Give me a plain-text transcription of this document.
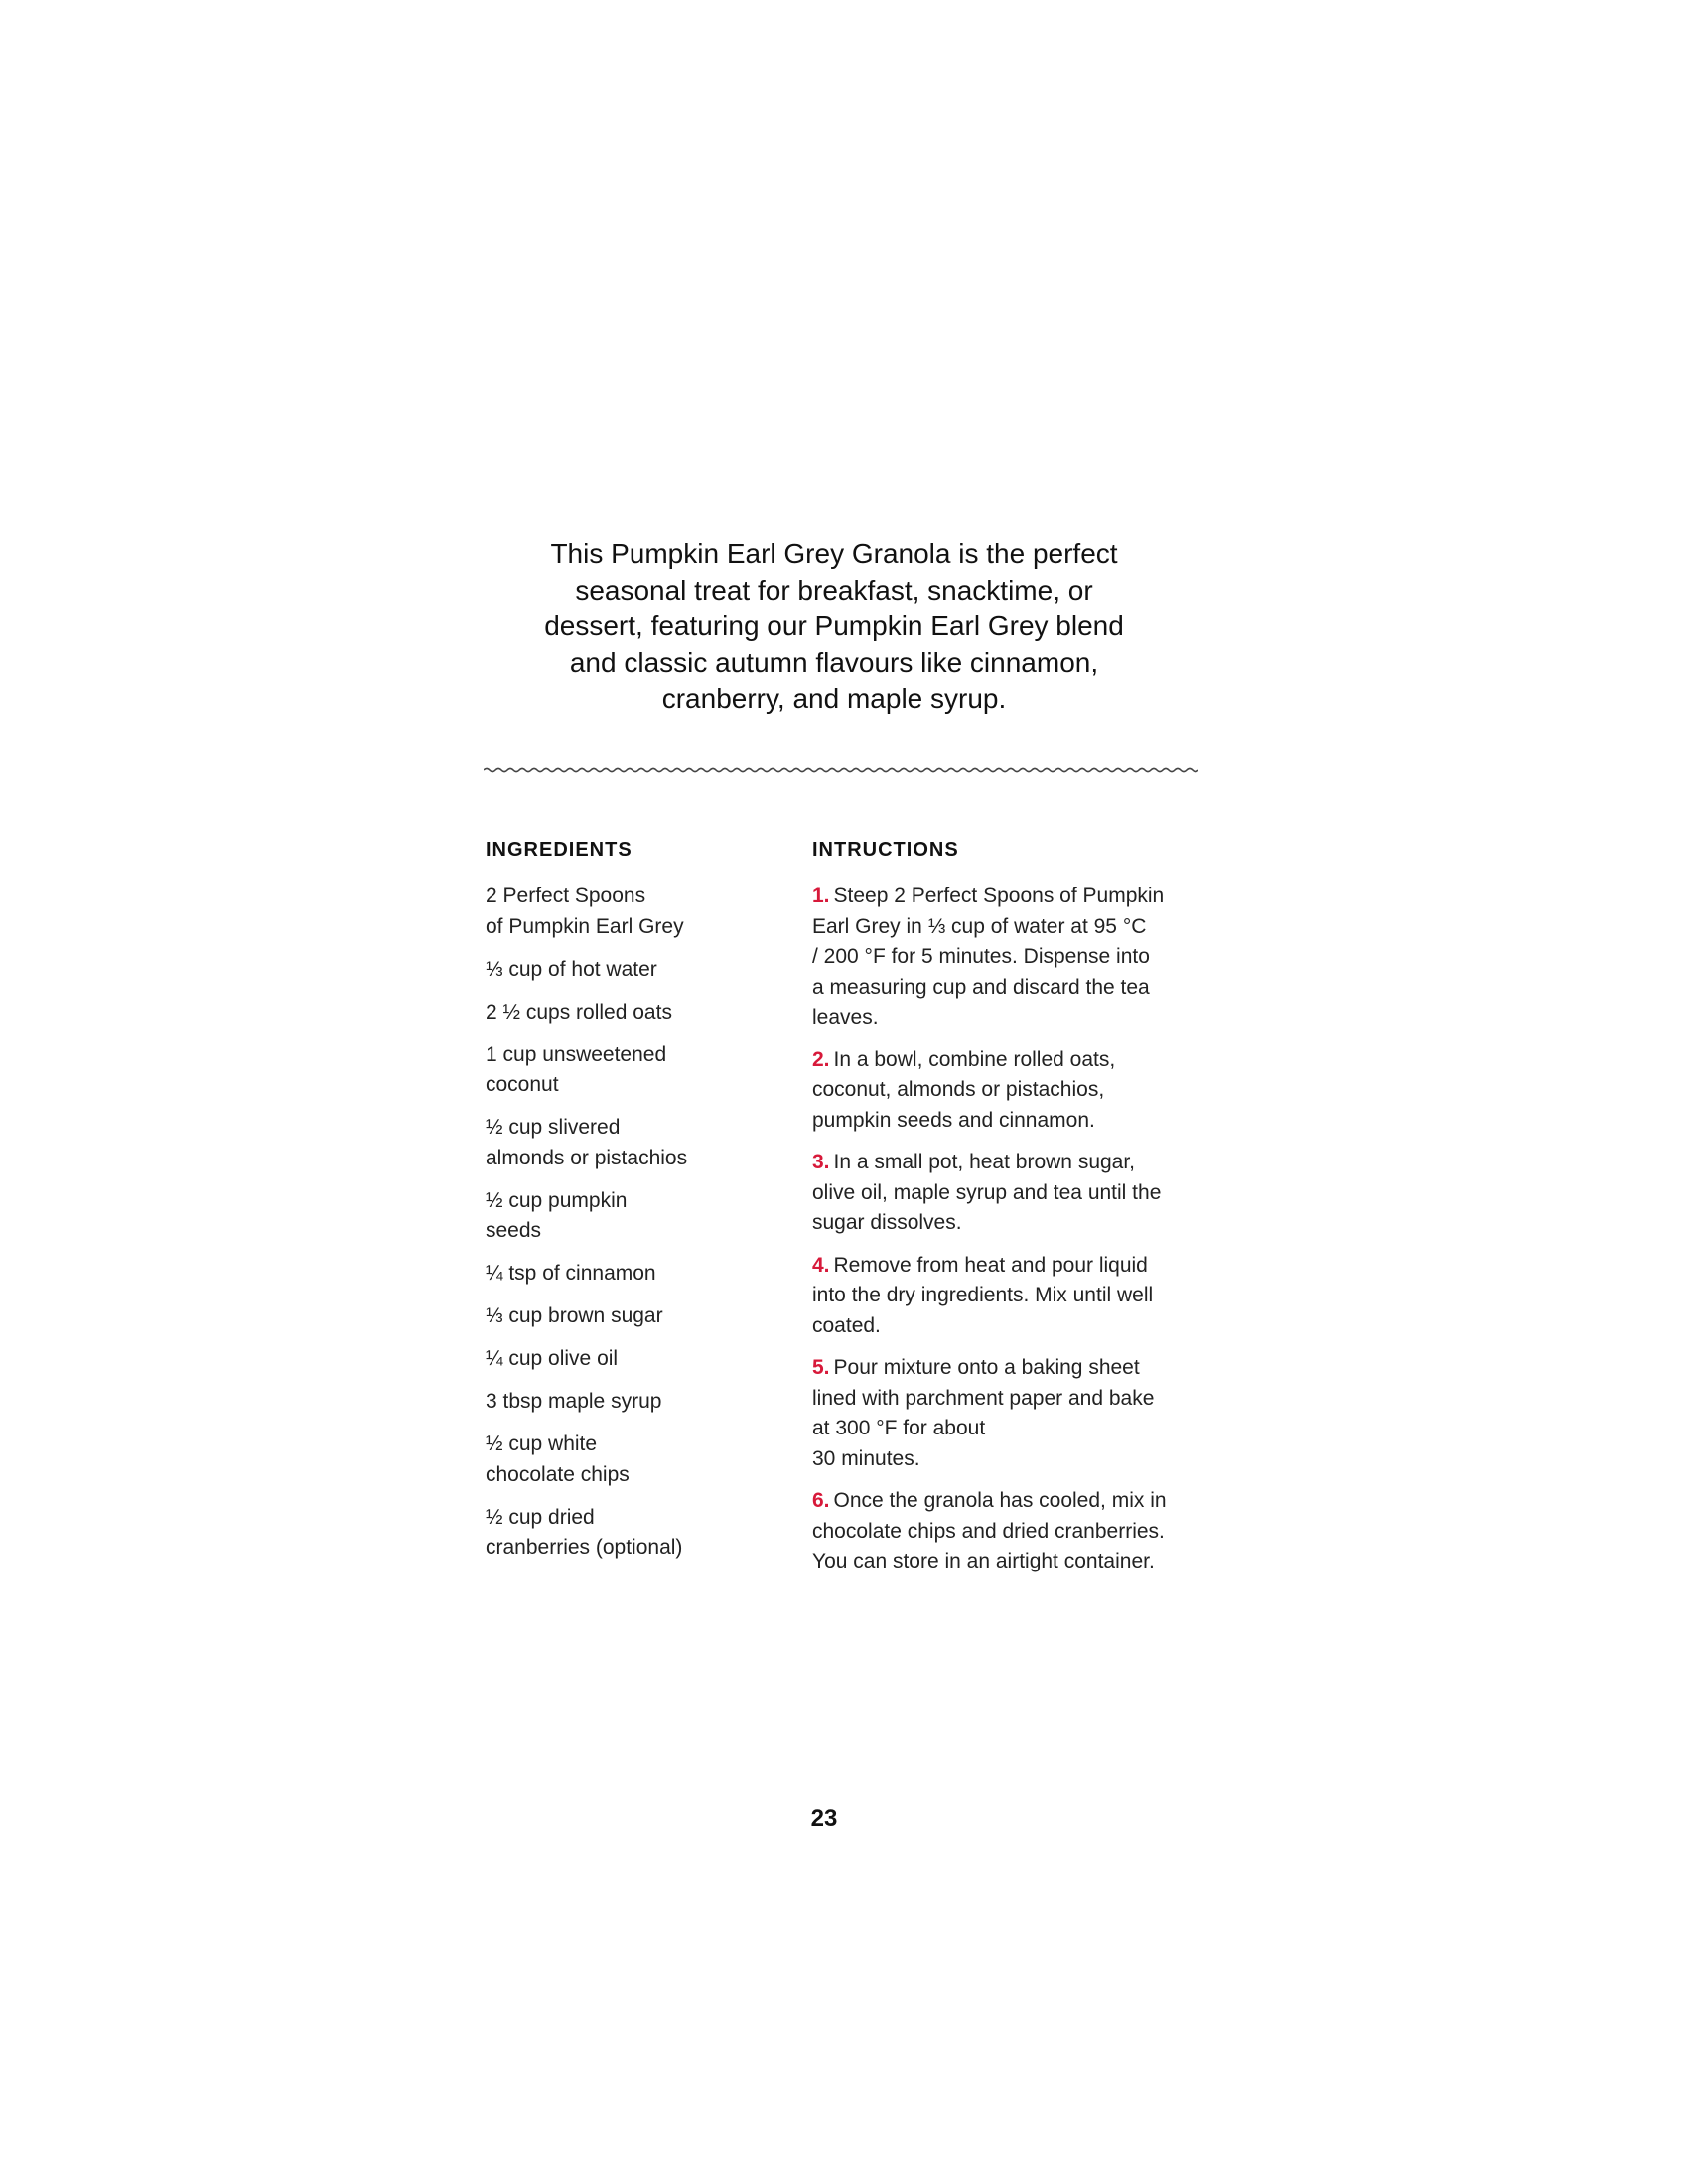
This Pumpkin Earl Grey Granola is the perfect
seasonal treat for breakfast, snacktime, or
dessert, featuring our Pumpkin Earl Grey blend
and classic autumn flavours like cinnamon,
cranberry, and maple syrup.
INGREDIENTS
2 Perfect Spoons
of Pumpkin Earl Grey
⅓ cup of hot water
2 ½ cups rolled oats
1 cup unsweetened
coconut
½ cup slivered
almonds or pistachios
½ cup pumpkin
seeds
¼ tsp of cinnamon
⅓ cup brown sugar
¼ cup olive oil
3 tbsp maple syrup
½ cup white
chocolate chips
½ cup dried
cranberries (optional)
INTRUCTIONS
1. Steep 2 Perfect Spoons of Pumpkin
Earl Grey in ⅓ cup of water at 95 °C
/ 200 °F for 5 minutes. Dispense into
a measuring cup and discard the tea
leaves.
2. In a bowl, combine rolled oats,
coconut, almonds or pistachios,
pumpkin seeds and cinnamon.
3. In a small pot, heat brown sugar,
olive oil, maple syrup and tea until the
sugar dissolves.
4. Remove from heat and pour liquid
into the dry ingredients. Mix until well
coated.
5. Pour mixture onto a baking sheet
lined with parchment paper and bake
at 300 °F for about
30 minutes.
6. Once the granola has cooled, mix in
chocolate chips and dried cranberries.
You can store in an airtight container.
23
